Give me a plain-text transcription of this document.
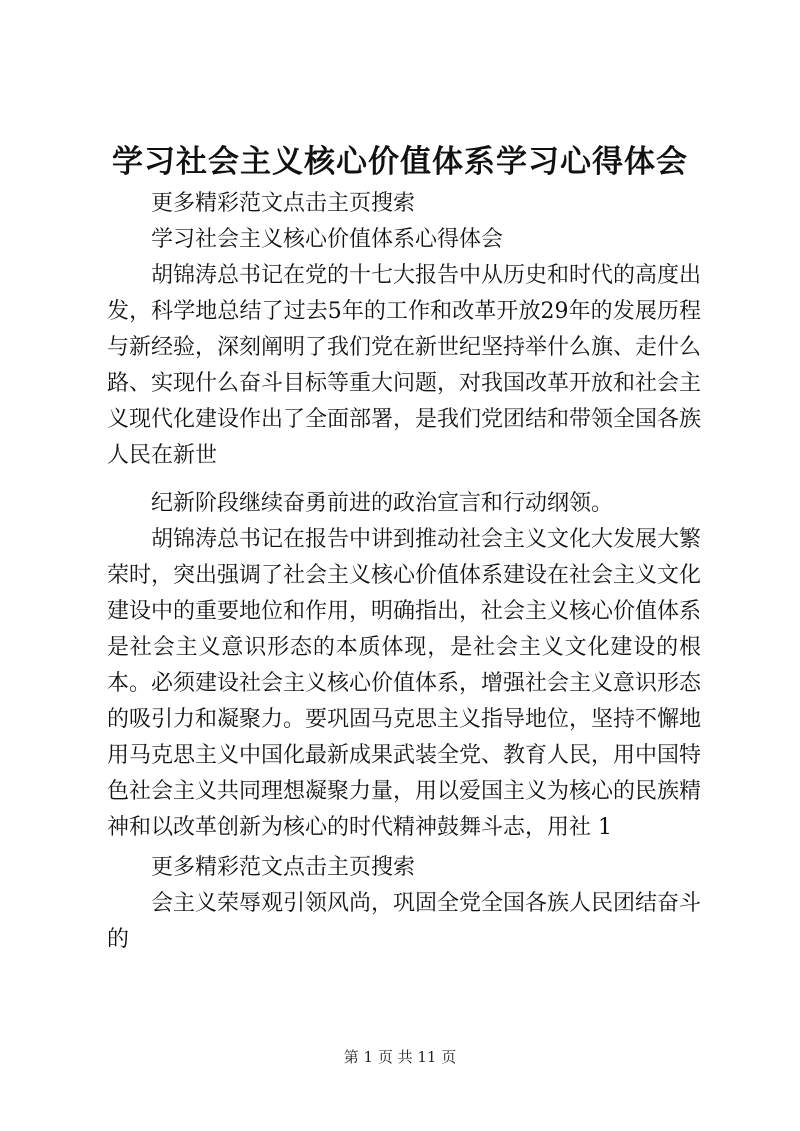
学习社会主义核心价值体系学习心得体会

更多精彩范文点击主页搜索

学习社会主义核心价值体系心得体会

胡锦涛总书记在党的十七大报告中从历史和时代的高度出发，科学地总结了过去5年的工作和改革开放29年的发展历程与新经验，深刻阐明了我们党在新世纪坚持举什么旗、走什么路、实现什么奋斗目标等重大问题，对我国改革开放和社会主义现代化建设作出了全面部署，是我们党团结和带领全国各族人民在新世

纪新阶段继续奋勇前进的政治宣言和行动纲领。

胡锦涛总书记在报告中讲到推动社会主义文化大发展大繁荣时，突出强调了社会主义核心价值体系建设在社会主义文化建设中的重要地位和作用，明确指出，社会主义核心价值体系是社会主义意识形态的本质体现，是社会主义文化建设的根本。必须建设社会主义核心价值体系，增强社会主义意识形态的吸引力和凝聚力。要巩固马克思主义指导地位，坚持不懈地用马克思主义中国化最新成果武装全党、教育人民，用中国特色社会主义共同理想凝聚力量，用以爱国主义为核心的民族精神和以改革创新为核心的时代精神鼓舞斗志，用社 1

更多精彩范文点击主页搜索

会主义荣辱观引领风尚，巩固全党全国各族人民团结奋斗的

第 1 页 共 11 页
